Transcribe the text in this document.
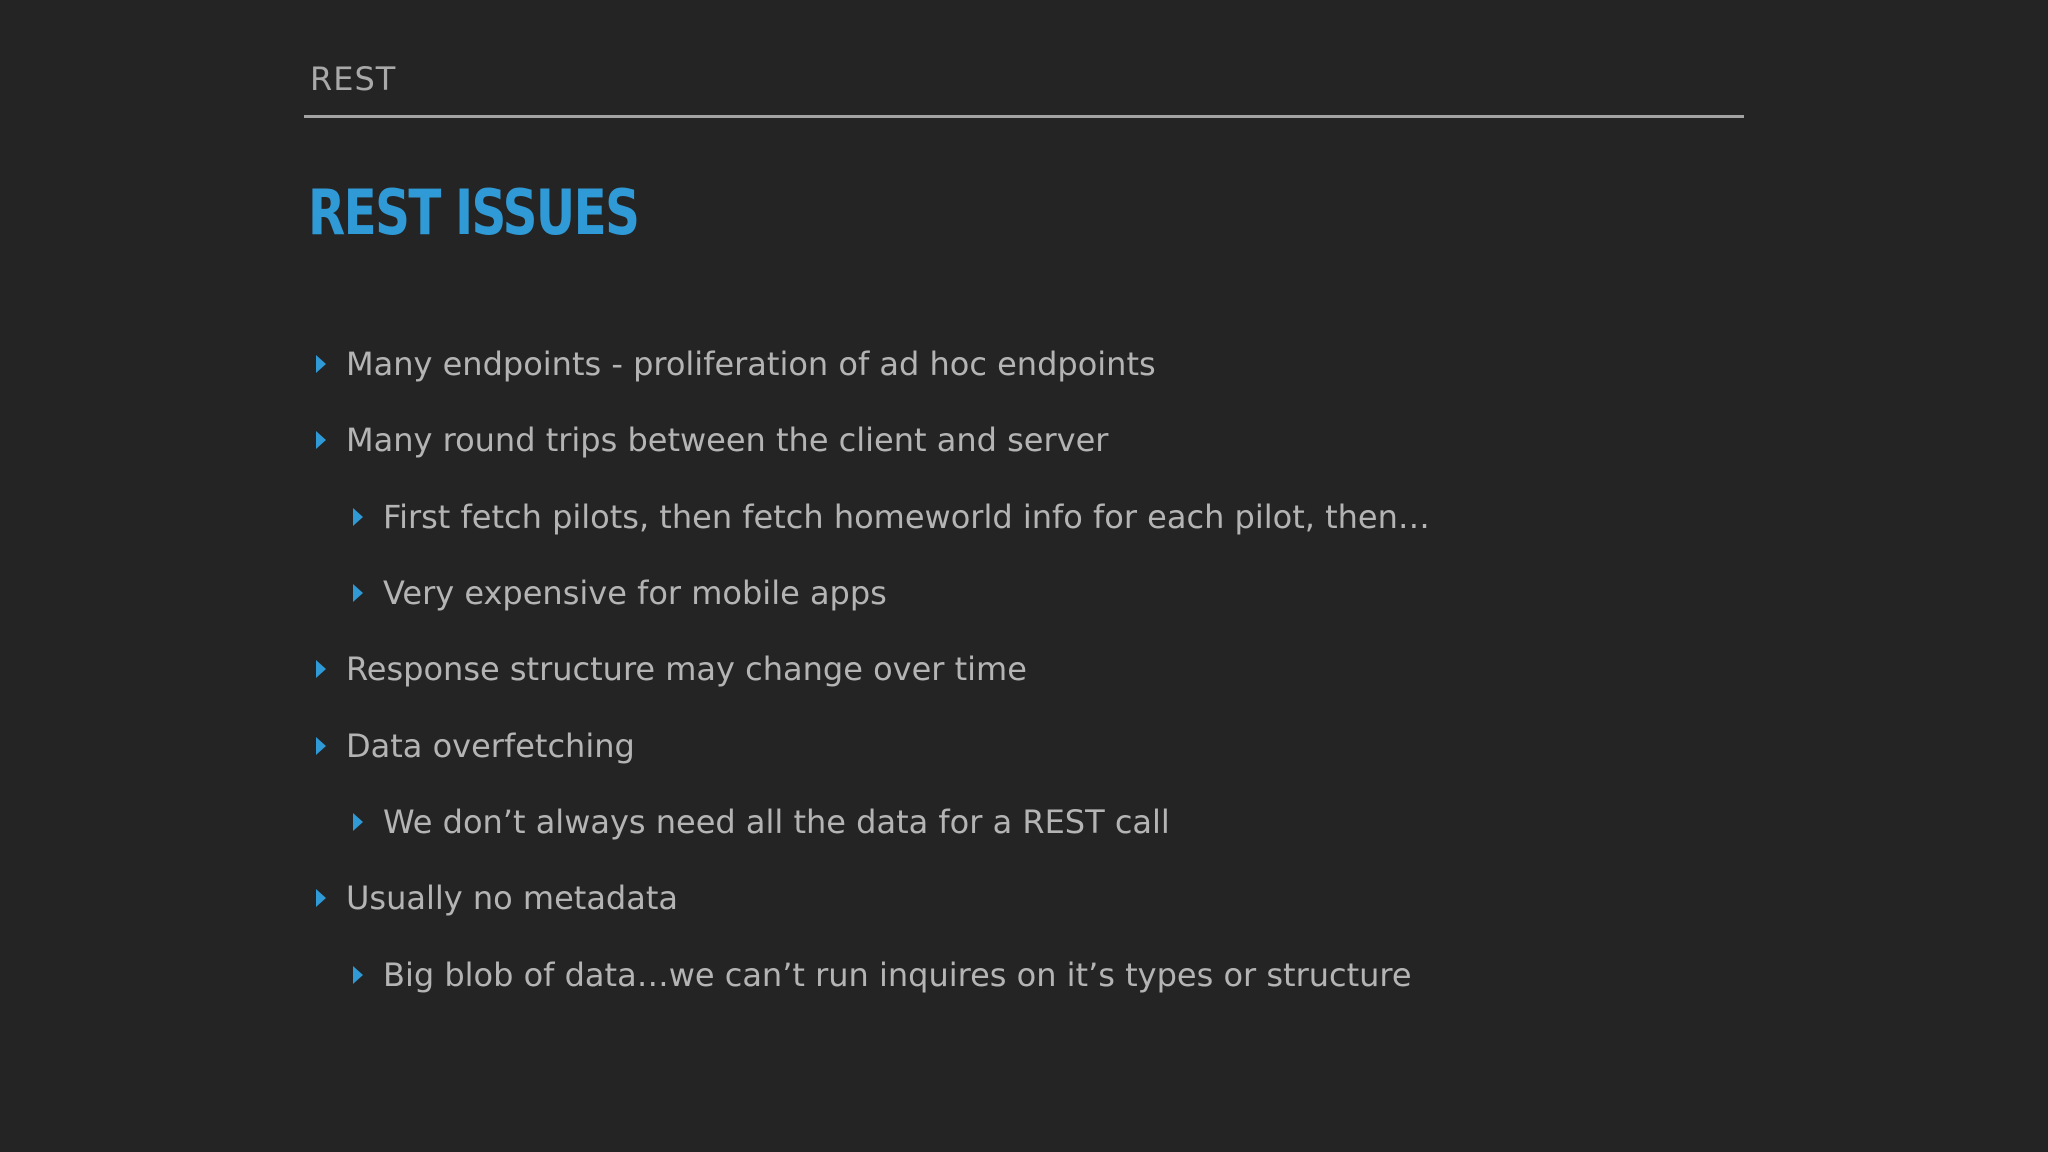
REST
REST ISSUES
Many endpoints - proliferation of ad hoc endpoints
Many round trips between the client and server
First fetch pilots, then fetch homeworld info for each pilot, then…
Very expensive for mobile apps
Response structure may change over time
Data overfetching
We don’t always need all the data for a REST call
Usually no metadata
Big blob of data…we can’t run inquires on it’s types or structure
